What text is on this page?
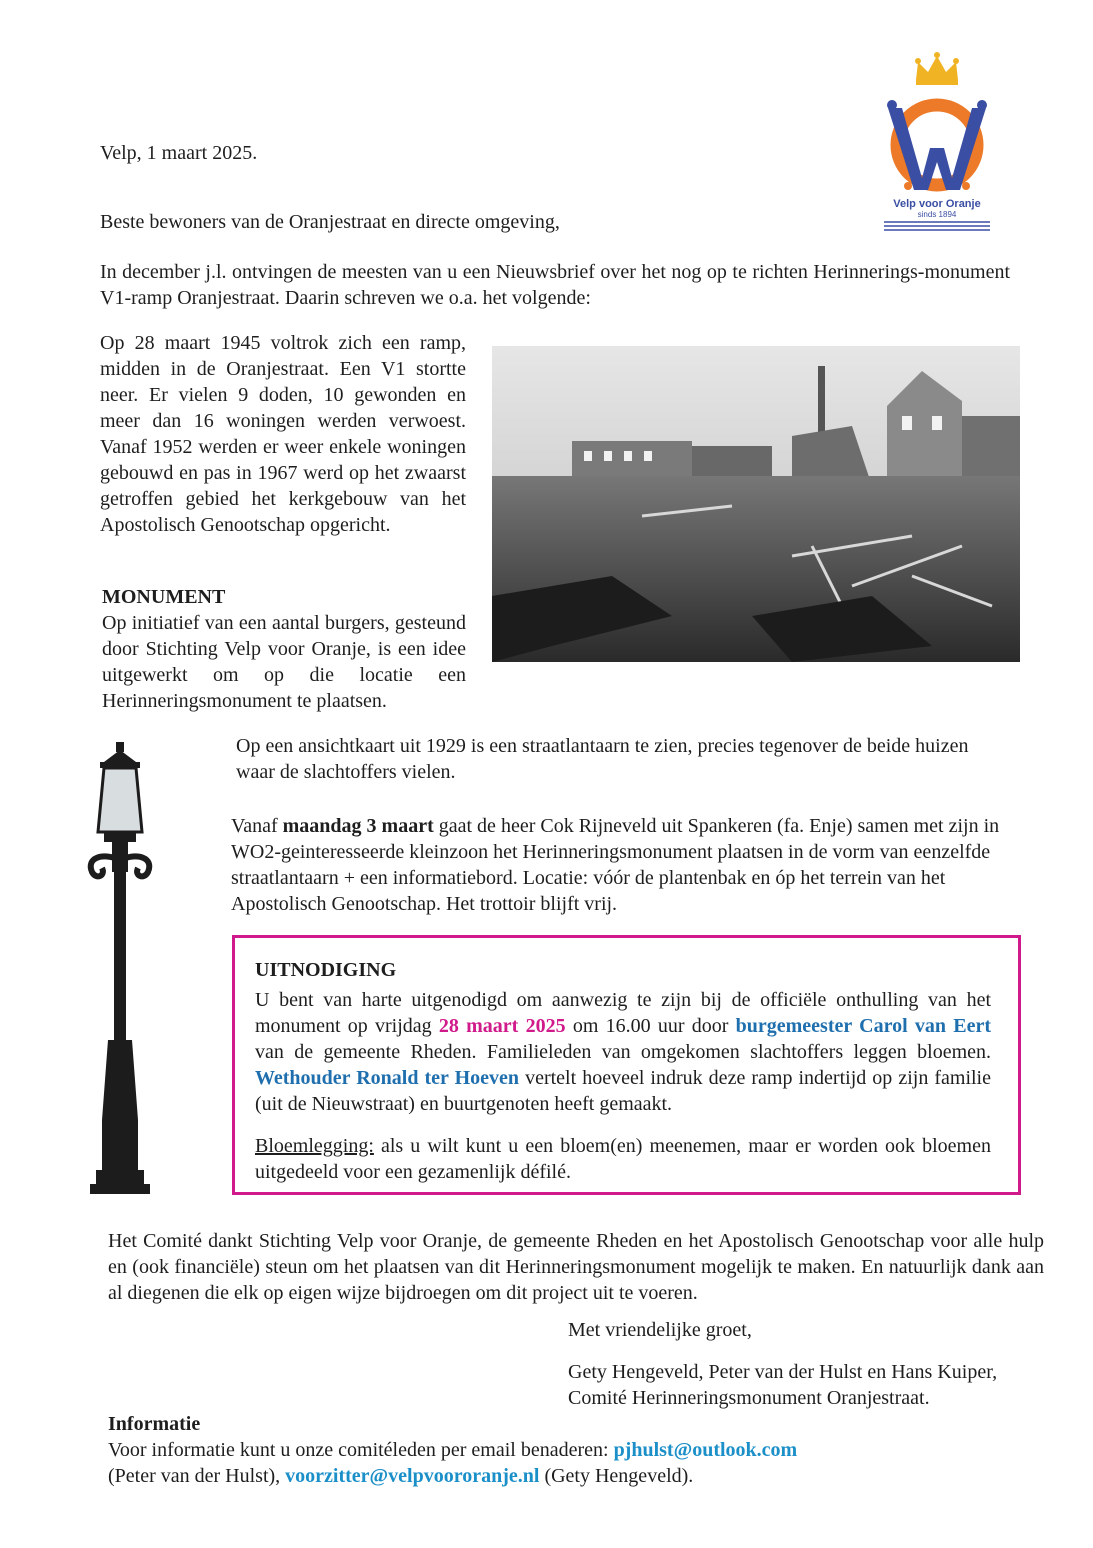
Velp voor Oranje
sinds 1894

Velp, 1 maart 2025.

Beste bewoners van de Oranjestraat en directe omgeving,

In december j.l. ontvingen de meesten van u een Nieuwsbrief over het nog op te richten Herinnerings-monument V1-ramp Oranjestraat. Daarin schreven we o.a. het volgende:

Op 28 maart 1945 voltrok zich een ramp, midden in de Oranjestraat. Een V1 stortte neer. Er vielen 9 doden, 10 gewonden en meer dan 16 woningen werden verwoest. Vanaf 1952 werden er weer enkele woningen gebouwd en pas in 1967 werd op het zwaarst getroffen gebied het kerkgebouw van het Apostolisch Genootschap opgericht.

MONUMENT

Op initiatief van een aantal burgers, gesteund door Stichting Velp voor Oranje, is een idee uitgewerkt om op die locatie een Herinneringsmonument te plaatsen.

Op een ansichtkaart uit 1929 is een straatlantaarn te zien, precies tegenover de beide huizen waar de slachtoffers vielen.

Vanaf maandag 3 maart gaat de heer Cok Rijneveld uit Spankeren (fa. Enje) samen met zijn in WO2-geinteresseerde kleinzoon het Herinneringsmonument plaatsen in de vorm van eenzelfde straatlantaarn + een informatiebord. Locatie: vóór de plantenbak en óp het terrein van het Apostolisch Genootschap. Het trottoir blijft vrij.

UITNODIGING

U bent van harte uitgenodigd om aanwezig te zijn bij de officiële onthulling van het monument op vrijdag 28 maart 2025 om 16.00 uur door burgemeester Carol van Eert van de gemeente Rheden. Familieleden van omgekomen slachtoffers leggen bloemen. Wethouder Ronald ter Hoeven vertelt hoeveel indruk deze ramp indertijd op zijn familie (uit de Nieuwstraat) en buurtgenoten heeft gemaakt.

Bloemlegging: als u wilt kunt u een bloem(en) meenemen, maar er worden ook bloemen uitgedeeld voor een gezamenlijk défilé.

Het Comité dankt Stichting Velp voor Oranje, de gemeente Rheden en het Apostolisch Genootschap voor alle hulp en (ook financiële) steun om het plaatsen van dit Herinneringsmonument mogelijk te maken. En natuurlijk dank aan al diegenen die elk op eigen wijze bijdroegen om dit project uit te voeren.

Met vriendelijke groet,

Gety Hengeveld, Peter van der Hulst en Hans Kuiper,

Comité Herinneringsmonument Oranjestraat.

Informatie

Voor informatie kunt u onze comitéleden per email benaderen: pjhulst@outlook.com

(Peter van der Hulst), voorzitter@velpvoororanje.nl (Gety Hengeveld).
